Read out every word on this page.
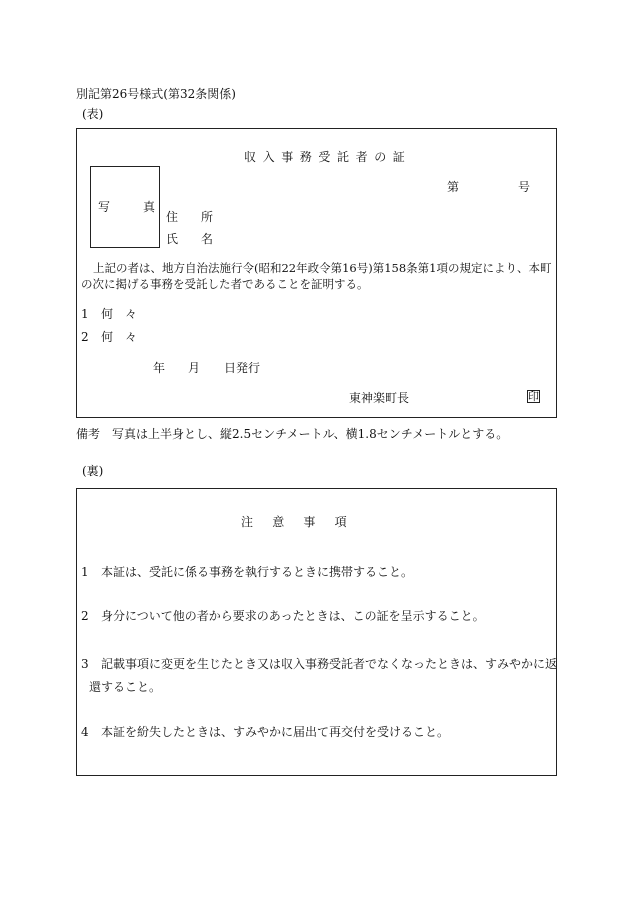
別記第26号様式(第32条関係)
(表)
収入事務受託者の証
写	真
第	号
住 所
氏 名
上記の者は、地方自治法施行令(昭和22年政令第16号)第158条第1項の規定により、本町
の次に掲げる事務を受託した者であることを証明する。
1 何　々
2 何　々
年 月 日発行
東神楽町長	印
備考　写真は上半身とし、縦2.5センチメートル、横1.8センチメートルとする。
(裏)
注意事項
1 本証は、受託に係る事務を執行するときに携帯すること。
2 身分について他の者から要求のあったときは、この証を呈示すること。
3 記載事項に変更を生じたとき又は収入事務受託者でなくなったときは、すみやかに返
還すること。
4 本証を紛失したときは、すみやかに届出て再交付を受けること。
